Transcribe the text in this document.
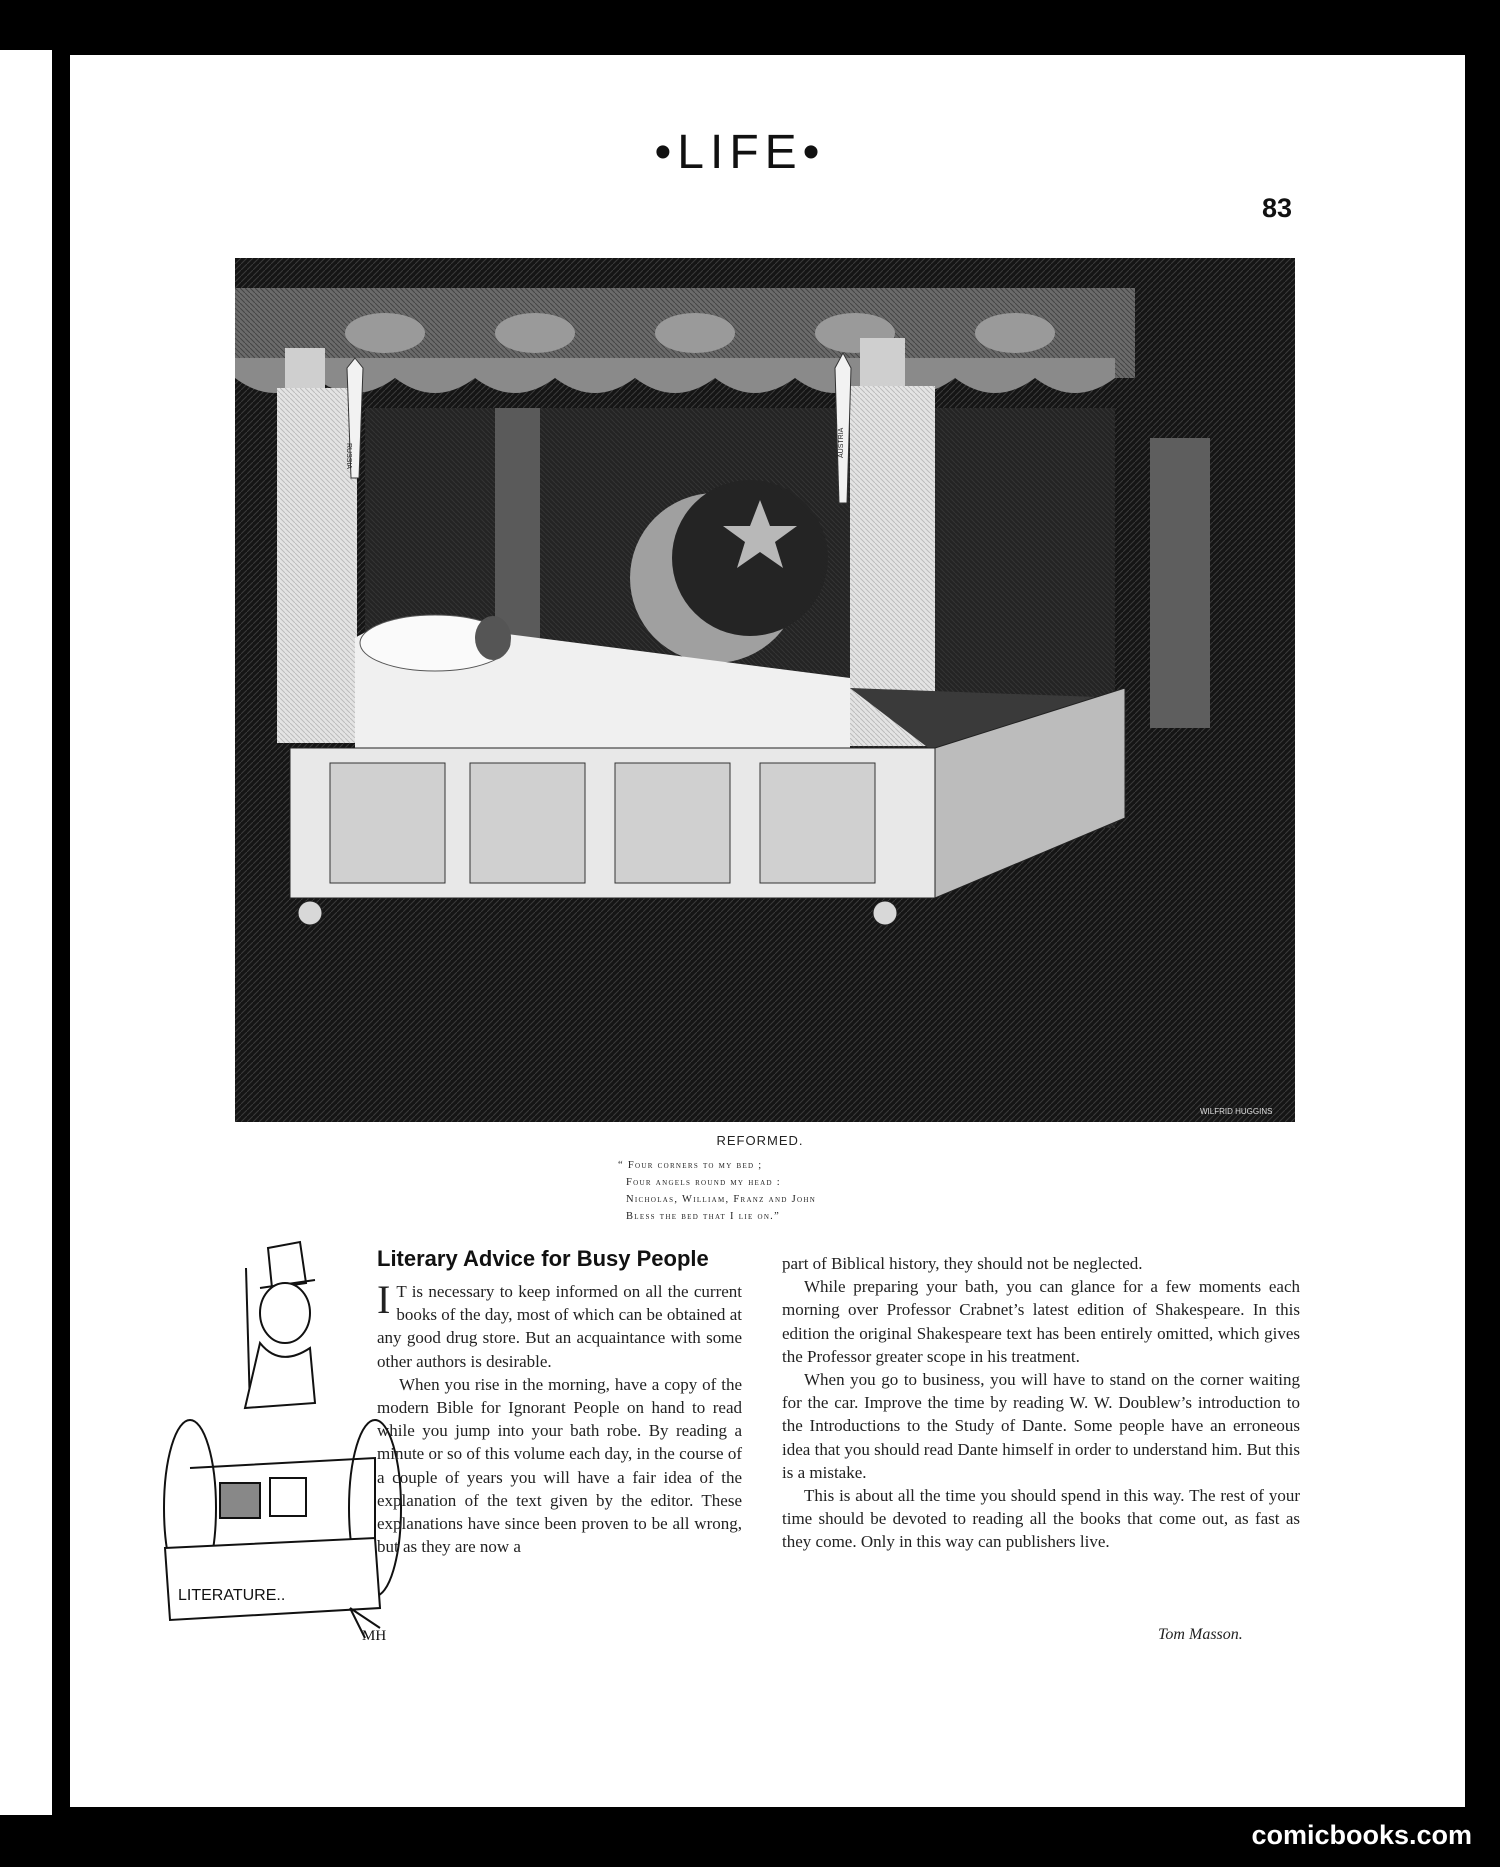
•LIFE•
83
WILFRID HUGGINS
RUSSIA	AUSTRIA
REFORMED.
“ Four corners to my bed ;
Four angels round my head :
Nicholas, William, Franz and John
Bless the bed that I lie on.”
LITERATURE..
MH
Literary Advice for Busy People

I T is necessary to keep informed on all the current books of the day, most of which can be obtained at any good drug store. But an acquaintance with some other authors is desirable.

When you rise in the morning, have a copy of the modern Bible for Ignorant People on hand to read while you jump into your bath robe. By reading a minute or so of this volume each day, in the course of a couple of years you will have a fair idea of the explanation of the text given by the editor. These explanations have since been proven to be all wrong, but as they are now a

part of Biblical history, they should not be neglected.

While preparing your bath, you can glance for a few moments each morning over Professor Crabnet’s latest edition of Shakespeare. In this edition the original Shakespeare text has been entirely omitted, which gives the Professor greater scope in his treatment.

When you go to business, you will have to stand on the corner waiting for the car. Improve the time by reading W. W. Doublew’s introduction to the Introductions to the Study of Dante. Some people have an erroneous idea that you should read Dante himself in order to understand him. But this is a mistake.

This is about all the time you should spend in this way. The rest of your time should be devoted to reading all the books that come out, as fast as they come. Only in this way can publishers live.

Tom Masson.
comicbooks.com
